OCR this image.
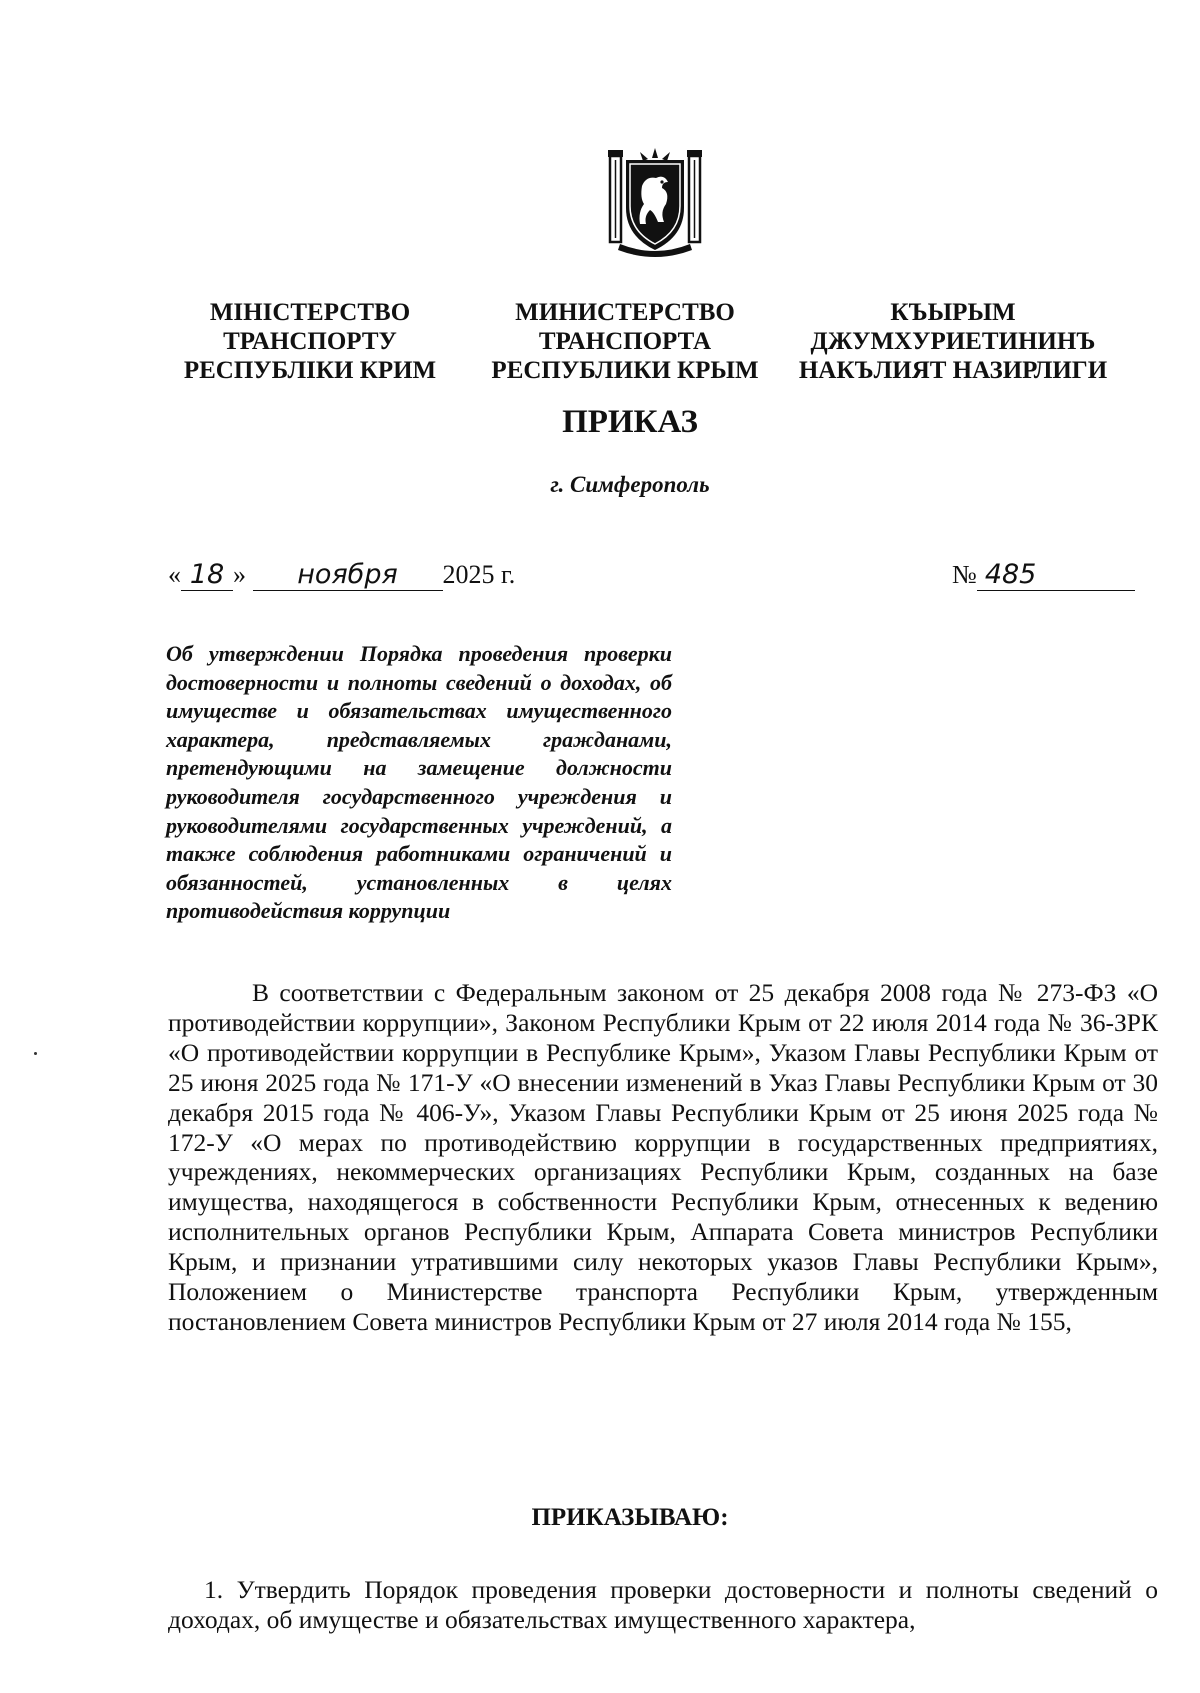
МІНІСТЕРСТВО
ТРАНСПОРТУ
РЕСПУБЛІКИ КРИМ
МИНИСТЕРСТВО
ТРАНСПОРТА
РЕСПУБЛИКИ КРЫМ
КЪЫРЫМ
ДЖУМХУРИЕТИНИНЪ
НАКЪЛИЯТ НАЗИРЛИГИ
ПРИКАЗ
г. Симферополь
« 18 » ноября 2025 г.	№ 485
Об утверждении Порядка проведения проверки достоверности и полноты сведений о доходах, об имуществе и обязательствах имущественного характера, представляемых гражданами, претендующими на замещение должности руководителя государственного учреждения и руководителями государственных учреждений, а также соблюдения работниками ограничений и обязанностей, установленных в целях противодействия коррупции
В соответствии с Федеральным законом от 25 декабря 2008 года № 273-ФЗ «О противодействии коррупции», Законом Республики Крым от 22 июля 2014 года № 36-ЗРК «О противодействии коррупции в Республике Крым», Указом Главы Республики Крым от 25 июня 2025 года № 171-У «О внесении изменений в Указ Главы Республики Крым от 30 декабря 2015 года № 406-У», Указом Главы Республики Крым от 25 июня 2025 года № 172-У «О мерах по противодействию коррупции в государственных предприятиях, учреждениях, некоммерческих организациях Республики Крым, созданных на базе имущества, находящегося в собственности Республики Крым, отнесенных к ведению исполнительных органов Республики Крым, Аппарата Совета министров Республики Крым, и признании утратившими силу некоторых указов Главы Республики Крым», Положением о Министерстве транспорта Республики Крым, утвержденным постановлением Совета министров Республики Крым от 27 июля 2014 года № 155,
ПРИКАЗЫВАЮ:
1. Утвердить Порядок проведения проверки достоверности и полноты сведений о доходах, об имуществе и обязательствах имущественного характера,
